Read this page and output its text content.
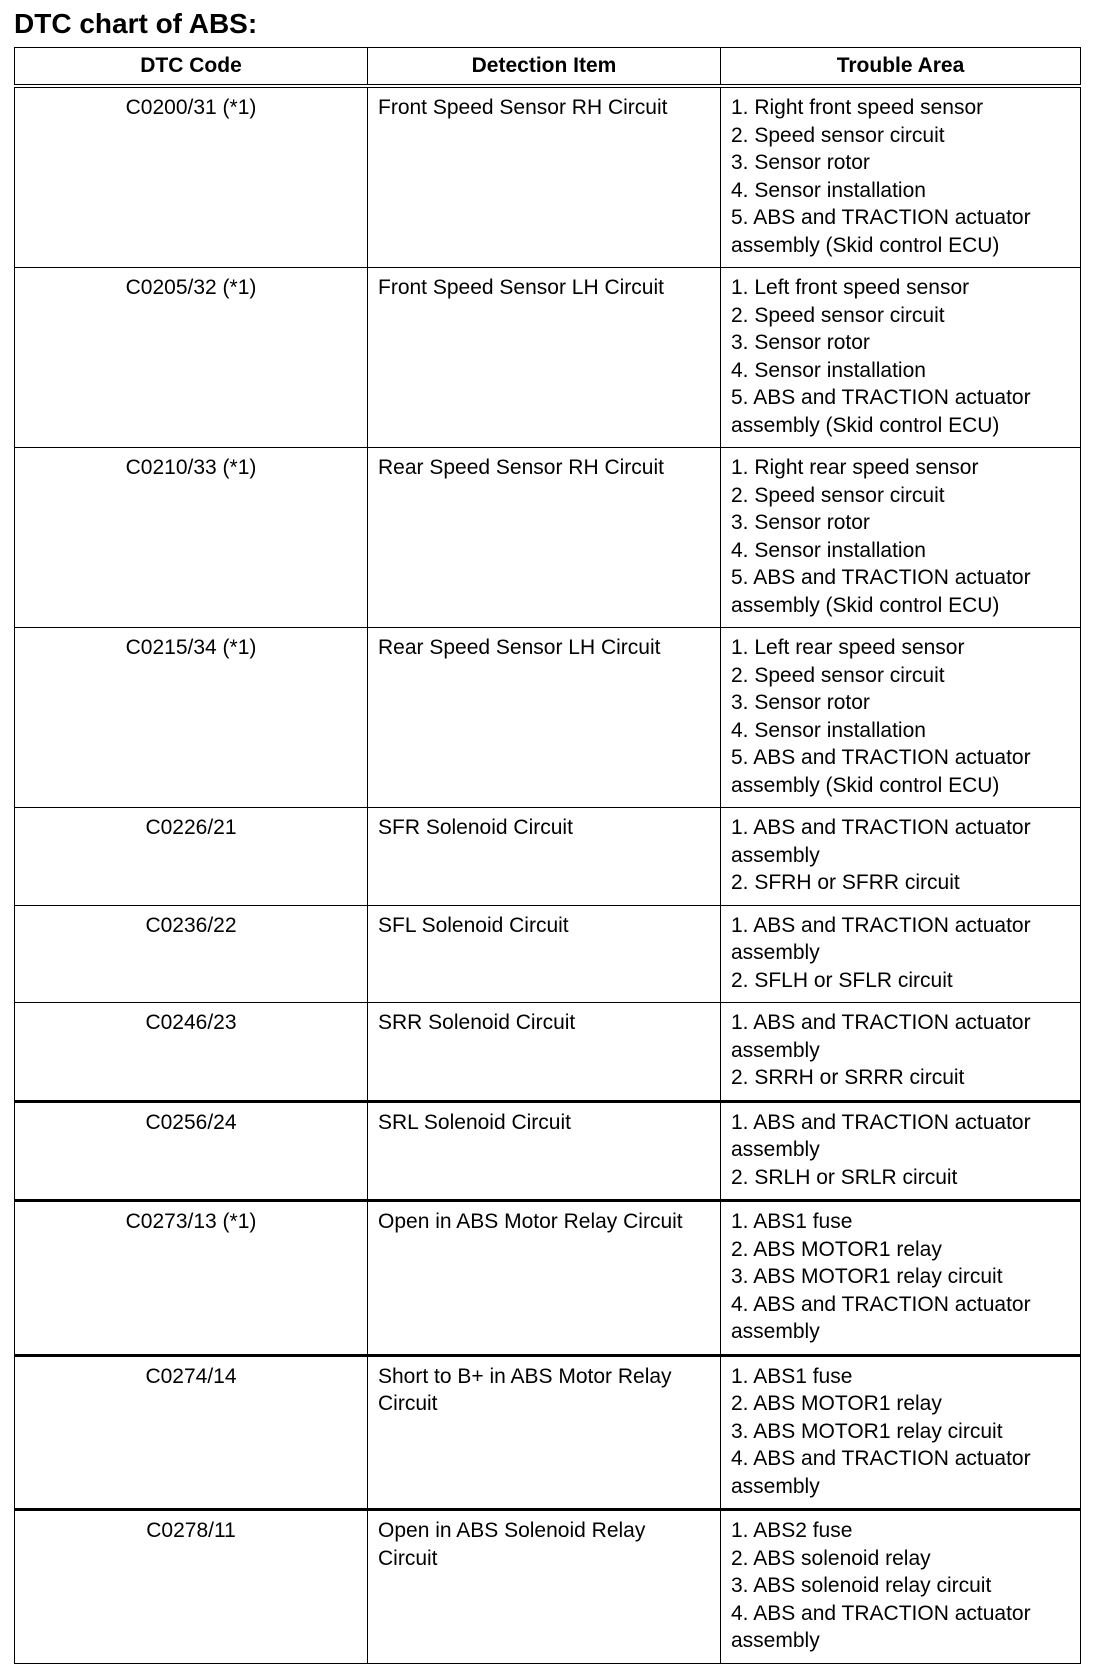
DTC chart of ABS:
DTC Code	Detection Item	Trouble Area
C0200/31 (*1)	Front Speed Sensor RH Circuit	1. Right front speed sensor
2. Speed sensor circuit
3. Sensor rotor
4. Sensor installation
5. ABS and TRACTION actuator assembly (Skid control ECU)

C0205/32 (*1)	Front Speed Sensor LH Circuit	1. Left front speed sensor
2. Speed sensor circuit
3. Sensor rotor
4. Sensor installation
5. ABS and TRACTION actuator assembly (Skid control ECU)

C0210/33 (*1)	Rear Speed Sensor RH Circuit	1. Right rear speed sensor
2. Speed sensor circuit
3. Sensor rotor
4. Sensor installation
5. ABS and TRACTION actuator assembly (Skid control ECU)

C0215/34 (*1)	Rear Speed Sensor LH Circuit	1. Left rear speed sensor
2. Speed sensor circuit
3. Sensor rotor
4. Sensor installation
5. ABS and TRACTION actuator assembly (Skid control ECU)

C0226/21	SFR Solenoid Circuit	1. ABS and TRACTION actuator assembly
2. SFRH or SFRR circuit

C0236/22	SFL Solenoid Circuit	1. ABS and TRACTION actuator assembly
2. SFLH or SFLR circuit

C0246/23	SRR Solenoid Circuit	1. ABS and TRACTION actuator assembly
2. SRRH or SRRR circuit

C0256/24	SRL Solenoid Circuit	1. ABS and TRACTION actuator assembly
2. SRLH or SRLR circuit

C0273/13 (*1)	Open in ABS Motor Relay Circuit	1. ABS1 fuse
2. ABS MOTOR1 relay
3. ABS MOTOR1 relay circuit
4. ABS and TRACTION actuator assembly

C0274/14	Short to B+ in ABS Motor Relay Circuit	1. ABS1 fuse
2. ABS MOTOR1 relay
3. ABS MOTOR1 relay circuit
4. ABS and TRACTION actuator assembly

C0278/11	Open in ABS Solenoid Relay Circuit	1. ABS2 fuse
2. ABS solenoid relay
3. ABS solenoid relay circuit
4. ABS and TRACTION actuator assembly
